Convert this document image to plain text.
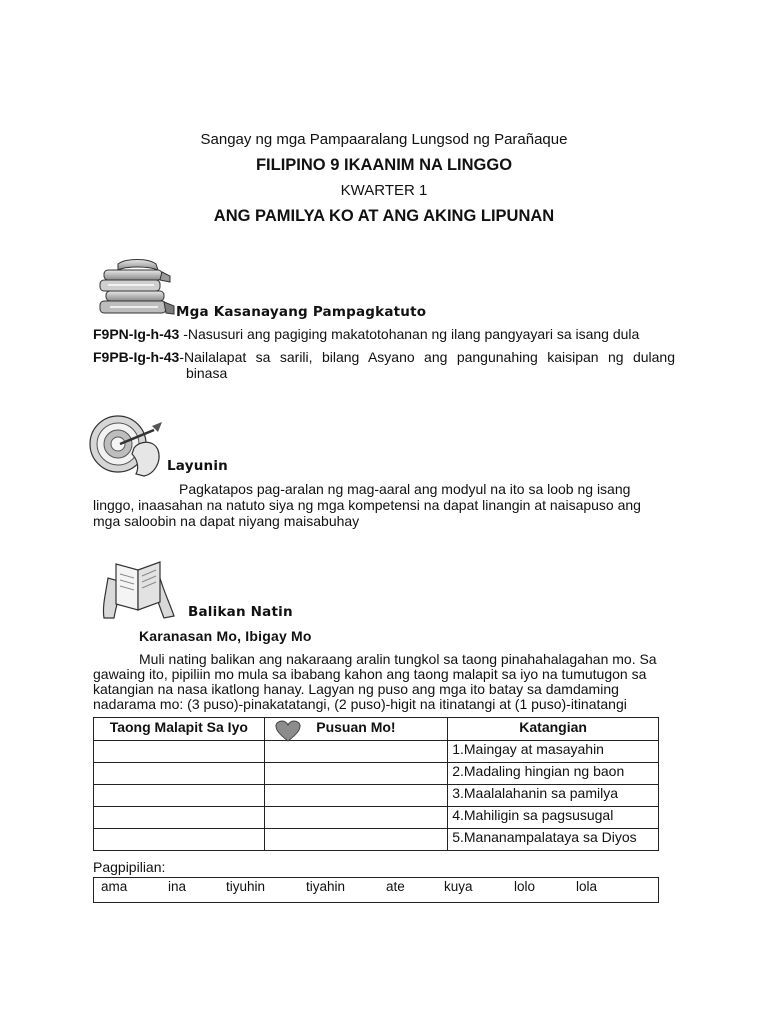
Sangay ng mga Pampaaralang Lungsod ng Parañaque
FILIPINO 9 IKAANIM NA LINGGO
KWARTER 1
ANG PAMILYA KO AT ANG AKING LIPUNAN
Mga Kasanayang Pampagkatuto
F9PN-Ig-h-43 -Nasusuri ang pagiging makatotohanan ng ilang pangyayari sa isang dula
F9PB-Ig-h-43 -Nailalapat sa sarili, bilang Asyano ang pangunahing kaisipan ng dulang
binasa
Layunin
Pagkatapos pag-aralan ng mag-aaral ang modyul na ito sa loob ng isang
linggo, inaasahan na natuto siya ng mga kompetensi na dapat linangin at naisapuso ang
mga saloobin na dapat niyang maisabuhay
Balikan Natin
Karanasan Mo, Ibigay Mo
Muli nating balikan ang nakaraang aralin tungkol sa taong pinahahalagahan mo. Sa
gawaing ito, pipiliin mo mula sa ibabang kahon ang taong malapit sa iyo na tumutugon sa
katangian na nasa ikatlong hanay. Lagyan ng puso ang mga ito batay sa damdaming
nadarama mo: (3 puso)-pinakatatangi, (2 puso)-higit na itinatangi at (1 puso)-itinatangi
Taong Malapit Sa Iyo	Pusuan Mo!	Katangian
		1.Maingay at masayahin
		2.Madaling hingian ng baon
		3.Maalalahanin sa pamilya
		4.Mahiligin sa pagsusugal
		5.Mananampalataya sa Diyos
Pagpipilian:
ama	ina	tiyuhin	tiyahin	ate	kuya	lolo	lola
